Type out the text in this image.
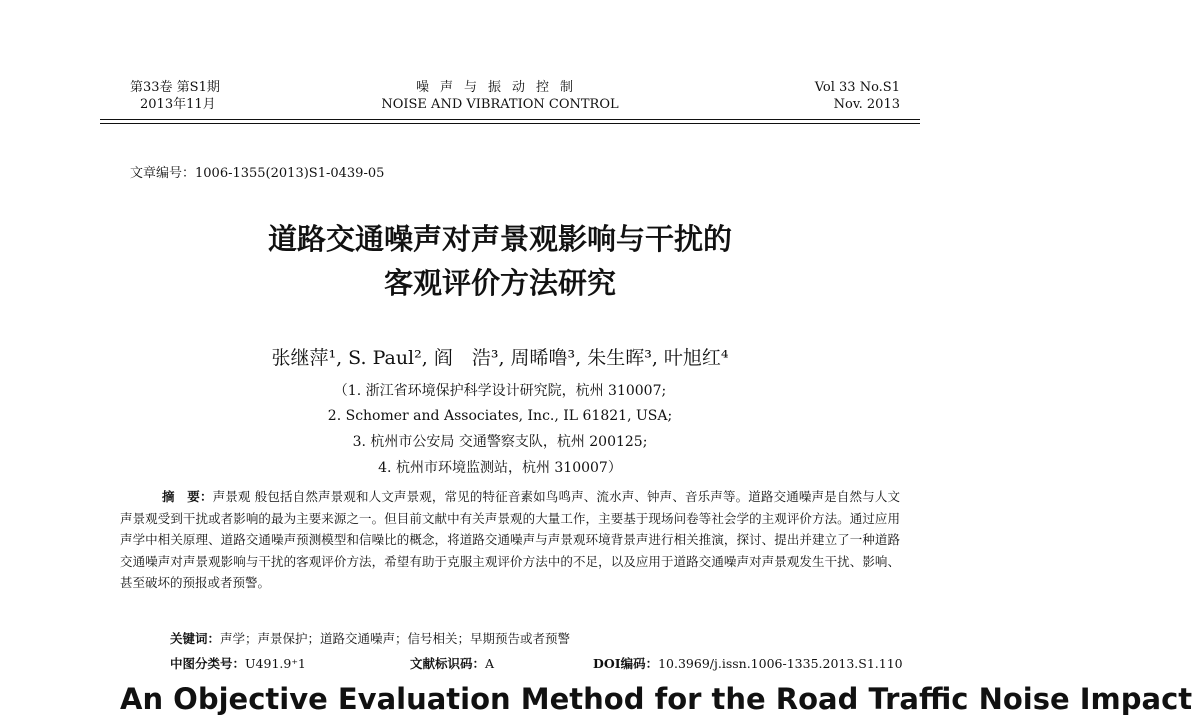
第33卷 第S1期
2013年11月
噪声与振动控制
NOISE AND VIBRATION CONTROL
Vol 33 No.S1
Nov. 2013
文章编号：1006-1355(2013)S1-0439-05
道路交通噪声对声景观影响与干扰的
客观评价方法研究
张继萍¹, S. Paul², 阎　浩³, 周晞噜³, 朱生晖³, 叶旭红⁴
（1. 浙江省环境保护科学设计研究院，杭州 310007;
2. Schomer and Associates, Inc., IL 61821, USA;
3. 杭州市公安局 交通警察支队，杭州 200125;
4. 杭州市环境监测站，杭州 310007）
摘　要：声景观 般包括自然声景观和人文声景观，常见的特征音素如鸟鸣声、流水声、钟声、音乐声等。道路交通噪声是自然与人文声景观受到干扰或者影响的最为主要来源之一。但目前文献中有关声景观的大量工作，主要基于现场问卷等社会学的主观评价方法。通过应用声学中相关原理、道路交通噪声预测模型和信噪比的概念，将道路交通噪声与声景观环境背景声进行相关推演，探讨、提出并建立了一种道路交通噪声对声景观影响与干扰的客观评价方法，希望有助于克服主观评价方法中的不足，以及应用于道路交通噪声对声景观发生干扰、影响、甚至破坏的预报或者预警。
关键词：声学；声景保护；道路交通噪声；信号相关；早期预告或者预警
中图分类号：U491.9⁺1	文献标识码：A	DOI编码：10.3969/j.issn.1006-1335.2013.S1.110
An Objective Evaluation Method for the Road Traffic Noise Impact
